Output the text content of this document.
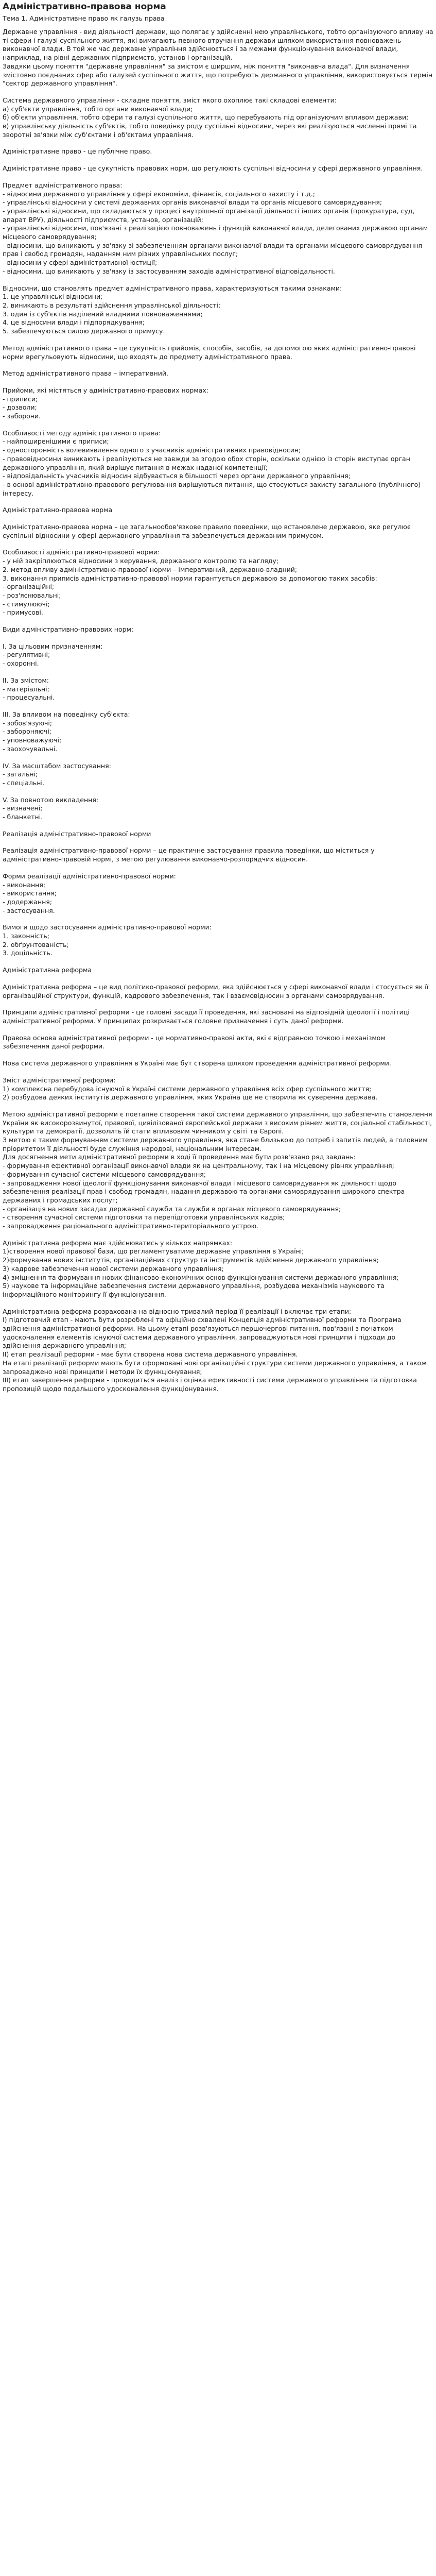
Адміністративно-правова норма
Тема 1. Адміністративне право як галузь права
Державне управління - вид діяльності держави, що полягає у здійсненні нею управлінського, тобто організуючого впливу на ті сфери і галузі суспільного життя, які вимагають певного втручання держави шляхом використання повноважень виконавчої влади. В той же час державне управління здійснюється і за межами функціонування виконавчої влади, наприклад, на рівні державних підприємств, установ і організацій.
Завдяки цьому поняття "державне управління" за змістом є ширшим, ніж поняття "виконавча влада". Для визначення змістовно поєднаних сфер або галузей суспільного життя, що потребують державного управління, використовується термін "сектор державного управління".
Система державного управління - складне поняття, зміст якого охоплює такі складові елементи:
а) суб'єкти управління, тобто органи виконавчої влади;
б) об'єкти управління, тобто сфери та галузі суспільного життя, що перебувають під організуючим впливом держави;
в) управлінську діяльність суб'єктів, тобто поведінку роду суспільні відносини, через які реалізуються численні прямі та зворотні зв'язки між суб'єктами і об'єктами управління.
Адміністративне право - це публічне право.
Адміністративне право - це сукупність правових норм, що регулюють суспільні відносини у сфері державного управління.
Предмет адміністративного права:
- відносини державного управління у сфері економіки, фінансів, соціального захисту і т.д.;
- управлінські відносини у системі державних органів виконавчої влади та органів місцевого самоврядування;
- управлінські відносини, що складаються у процесі внутрішньої організації діяльності інших органів (прокуратура, суд, апарат ВРУ), діяльності підприємств, установ, організацій;
- управлінські відносини, пов'язані з реалізацією повноважень і функцій виконавчої влади, делегованих державою органам місцевого самоврядування;
- відносини, що виникають у зв'язку зі забезпеченням органами виконавчої влади та органами місцевого самоврядування прав і свобод громадян, наданням ним різних управлінських послуг;
- відносини у сфері адміністративної юстиції;
- відносини, що виникають у зв'язку із застосуванням заходів адміністративної відповідальності.
Відносини, що становлять предмет адміністративного права, характеризуються такими ознаками:
1. це управлінські відносини;
2. виникають в результаті здійснення управлінської діяльності;
3. один із суб'єктів наділений владними повноваженнями;
4. це відносини влади і підпорядкування;
5. забезпечуються силою державного примусу.
Метод адміністративного права – це сукупність прийомів, способів, засобів, за допомогою яких адміністративно-правові норми врегульовують відносини, що входять до предмету адміністративного права.
Метод адміністративного права – імперативний.
Прийоми, які містяться у адміністративно-правових нормах:
- приписи;
- дозволи;
- заборони.
Особливості методу адміністративного права:
- найпоширенішими є приписи;
- односторонність волевиявлення одного з учасників адміністративних правовідносин;
- правовідносини виникають і реалізуються не завжди за згодою обох сторін, оскільки однією із сторін виступає орган державного управління, який вирішує питання в межах наданої компетенції;
- відповідальність учасників відносин відбувається в більшості через органи державного управління;
- в основі адміністративно-правового регулювання вирішуються питання, що стосуються захисту загального (публічного) інтересу.
Адміністративно-правова норма
Адміністративно-правова норма – це загальнообов'язкове правило поведінки, що встановлене державою, яке регулює суспільні відносини у сфері державного управління та забезпечується державним примусом.
Особливості адміністративно-правової норми:
- у ній закріплюються відносини з керування, державного контролю та нагляду;
2. метод впливу адміністративно-правової норми – імперативний, державно-владний;
3. виконання приписів адміністративно-правової норми гарантується державою за допомогою таких засобів:
- організаційні;
- роз'яснювальні;
- стимулюючі;
- примусові.
Види адміністративно-правових норм:
І. За цільовим призначенням:
- регулятивні;
- охоронні.
ІІ. За змістом:
- матеріальні;
- процесуальні.
ІІІ. За впливом на поведінку суб'єкта:
- зобов'язуючі;
- забороняючі;
- уповноважуючі;
- заохочувальні.
IV. За масштабом застосування:
- загальні;
- спеціальні.
V. За повнотою викладення:
- визначені;
- бланкетні.
Реалізація адміністративно-правової норми
Реалізація адміністративно-правової норми – це практичне застосування правила поведінки, що міститься у адміністративно-правовій нормі, з метою регулювання виконавчо-розпорядчих відносин.
Форми реалізації адміністративно-правової норми:
- виконання;
- використання;
- додержання;
- застосування.
Вимоги щодо застосування адміністративно-правової норми:
1. законність;
2. обґрунтованість;
3. доцільність.
Адміністративна реформа
Адміністративна реформа – це вид політико-правової реформи, яка здійснюється у сфері виконавчої влади і стосується як її організаційної структури, функцій, кадрового забезпечення, так і взаємовідносин з органами самоврядування.
Принципи адміністративної реформи - це головні засади її проведення, які засновані на відповідній ідеології і політиці адміністративної реформи. У принципах розкривається головне призначення і суть даної реформи.
Правова основа адміністративної реформи - це нормативно-правові акти, які є відправною точкою і механізмом забезпечення даної реформи.
Нова система державного управління в Україні має бут створена шляхом проведення адміністративної реформи.
Зміст адміністративної реформи:
1) комплексна перебудова існуючої в Україні системи державного управління всіх сфер суспільного життя;
2) розбудова деяких інститутів державного управління, яких Україна ще не створила як суверенна держава.
Метою адміністративної реформи є поетапне створення такої системи державного управління, що забезпечить становлення України як високорозвинутої, правової, цивілізованої європейської держави з високим рівнем життя, соціальної стабільності, культури та демократії, дозволить їй стати впливовим чинником у світі та Європі.
З метою є таким формуванням системи державного управління, яка стане близькою до потреб і запитів людей, а головним пріоритетом її діяльності буде служіння народові, національним інтересам.
Для досягнення мети адміністративної реформи в ході її проведення має бути розв'язано ряд завдань:
- формування ефективної організації виконавчої влади як на центральному, так і на місцевому рівнях управління;
- формування сучасної системи місцевого самоврядування;
- запровадження нової ідеології функціонування виконавчої влади і місцевого самоврядування як діяльності щодо забезпечення реалізації прав і свобод громадян, надання державою та органами самоврядування широкого спектра державних і громадських послуг;
- організація на нових засадах державної служби та служби в органах місцевого самоврядування;
- створення сучасної системи підготовки та перепідготовки управлінських кадрів;
- запровадження раціонального адміністративно-територіального устрою.
Адміністративна реформа має здійснюватись у кількох напрямках:
1)створення нової правової бази, що регламентуватиме державне управління в Україні;
2)формування нових інститутів, організаційних структур та інструментів здійснення державного управління;
3) кадрове забезпечення нової системи державного управління;
4) зміцнення та формування нових фінансово-економічних основ функціонування системи державного управління;
5) наукове та інформаційне забезпечення системи державного управління, розбудова механізмів наукового та інформаційного моніторингу її функціонування.
Адміністративна реформа розрахована на відносно тривалий період її реалізації і включає три етапи:
І) підготовчий етап - мають бути розроблені та офіційно схвалені Концепція адміністративної реформи та Програма здійснення адміністративної реформи. На цьому етапі розв'язуються першочергові питання, пов'язані з початком удосконалення елементів існуючої системи державного управління, запроваджуються нові принципи і підходи до здійснення державного управління;
ІІ) етап реалізації реформи - має бути створена нова система державного управління.
На етапі реалізації реформи мають бути сформовані нові організаційні структури системи державного управління, а також запроваджено нові принципи і методи їх функціонування;
ІІІ) етап завершення реформи - проводиться аналіз і оцінка ефективності системи державного управління та підготовка пропозицій щодо подальшого удосконалення функціонування.
